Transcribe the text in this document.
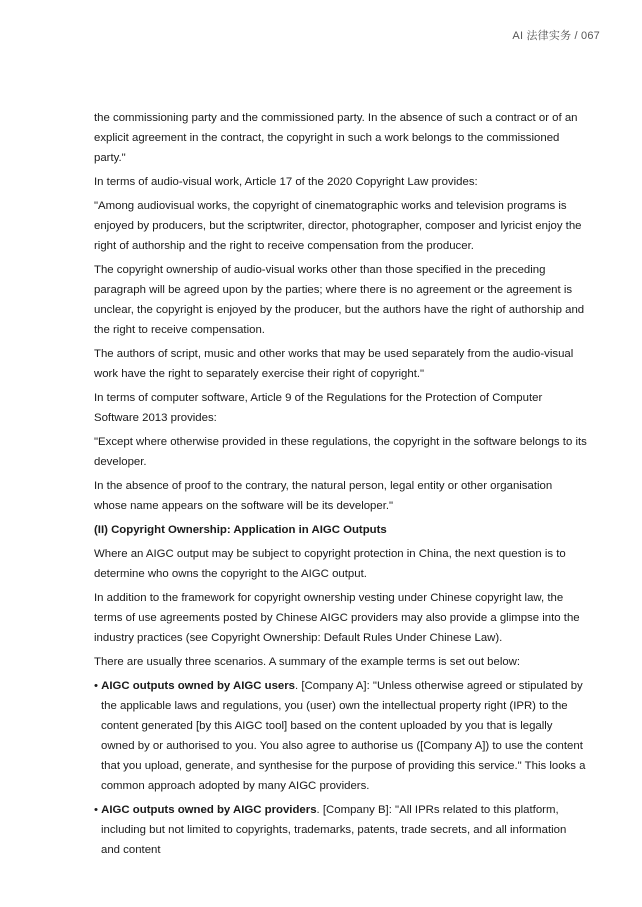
AI 法律实务 / 067

the commissioning party and the commissioned party. In the absence of such a contract or of an explicit agreement in the contract, the copyright in such a work belongs to the commissioned party."

In terms of audio-visual work, Article 17 of the 2020 Copyright Law provides:

"Among audiovisual works, the copyright of cinematographic works and television programs is enjoyed by producers, but the scriptwriter, director, photographer, composer and lyricist enjoy the right of authorship and the right to receive compensation from the producer.

The copyright ownership of audio-visual works other than those specified in the preceding paragraph will be agreed upon by the parties; where there is no agreement or the agreement is unclear, the copyright is enjoyed by the producer, but the authors have the right of authorship and the right to receive compensation.

The authors of script, music and other works that may be used separately from the audio-visual work have the right to separately exercise their right of copyright."

In terms of computer software, Article 9 of the Regulations for the Protection of Computer Software 2013 provides:

"Except where otherwise provided in these regulations, the copyright in the software belongs to its developer.

In the absence of proof to the contrary, the natural person, legal entity or other organisation whose name appears on the software will be its developer."

(II) Copyright Ownership: Application in AIGC Outputs

Where an AIGC output may be subject to copyright protection in China, the next question is to determine who owns the copyright to the AIGC output.

In addition to the framework for copyright ownership vesting under Chinese copyright law, the terms of use agreements posted by Chinese AIGC providers may also provide a glimpse into the industry practices (see Copyright Ownership: Default Rules Under Chinese Law).

There are usually three scenarios. A summary of the example terms is set out below:

• AIGC outputs owned by AIGC users. [Company A]: "Unless otherwise agreed or stipulated by the applicable laws and regulations, you (user) own the intellectual property right (IPR) to the content generated [by this AIGC tool] based on the content uploaded by you that is legally owned by or authorised to you. You also agree to authorise us ([Company A]) to use the content that you upload, generate, and synthesise for the purpose of providing this service." This looks a common approach adopted by many AIGC providers.

• AIGC outputs owned by AIGC providers. [Company B]: "All IPRs related to this platform, including but not limited to copyrights, trademarks, patents, trade secrets, and all information and content
